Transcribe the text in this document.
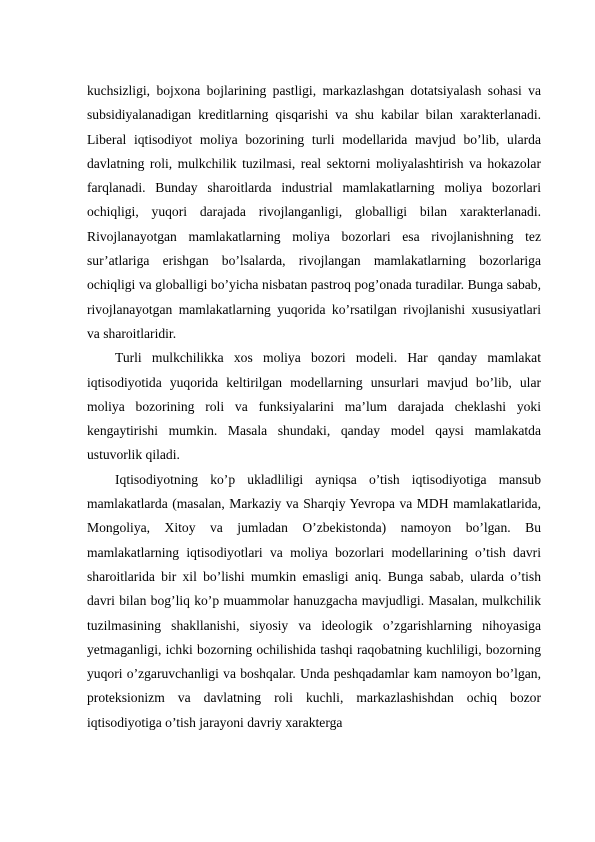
kuchsizligi, bojxona bojlarining pastligi, markazlashgan dotatsiyalash sohasi va subsidiyalanadigan kreditlarning qisqarishi va shu kabilar bilan xarakterlanadi. Liberal iqtisodiyot moliya bozorining turli modellarida mavjud bo’lib, ularda davlatning roli, mulkchilik tuzilmasi, real sektorni moliyalashtirish va hokazolar farqlanadi. Bunday sharoitlarda industrial mamlakatlarning moliya bozorlari ochiqligi, yuqori darajada rivojlanganligi, globalligi bilan xarakterlanadi. Rivojlanayotgan mamlakatlarning moliya bozorlari esa rivojlanishning tez sur’atlariga erishgan bo’lsalarda, rivojlangan mamlakatlarning bozorlariga ochiqligi va globalligi bo’yicha nisbatan pastroq pog’onada turadilar. Bunga sabab, rivojlanayotgan mamlakatlarning yuqorida ko’rsatilgan rivojlanishi xususiyatlari va sharoitlaridir.

Turli mulkchilikka xos moliya bozori modeli. Har qanday mamlakat iqtisodiyotida yuqorida keltirilgan modellarning unsurlari mavjud bo’lib, ular moliya bozorining roli va funksiyalarini ma’lum darajada cheklashi yoki kengaytirishi mumkin. Masala shundaki, qanday model qaysi mamlakatda ustuvorlik qiladi.

Iqtisodiyotning ko’p ukladliligi ayniqsa o’tish iqtisodiyotiga mansub mamlakatlarda (masalan, Markaziy va Sharqiy Yevropa va MDH mamlakatlarida, Mongoliya, Xitoy va jumladan O’zbekistonda) namoyon bo’lgan. Bu mamlakatlarning iqtisodiyotlari va moliya bozorlari modellarining o’tish davri sharoitlarida bir xil bo’lishi mumkin emasligi aniq. Bunga sabab, ularda o’tish davri bilan bog’liq ko’p muammolar hanuzgacha mavjudligi. Masalan, mulkchilik tuzilmasining shakllanishi, siyosiy va ideologik o’zgarishlarning nihoyasiga yetmaganligi, ichki bozorning ochilishida tashqi raqobatning kuchliligi, bozorning yuqori o’zgaruvchanligi va boshqalar. Unda peshqadamlar kam namoyon bo’lgan, proteksionizm va davlatning roli kuchli, markazlashishdan ochiq bozor iqtisodiyotiga o’tish jarayoni davriy xarakterga
